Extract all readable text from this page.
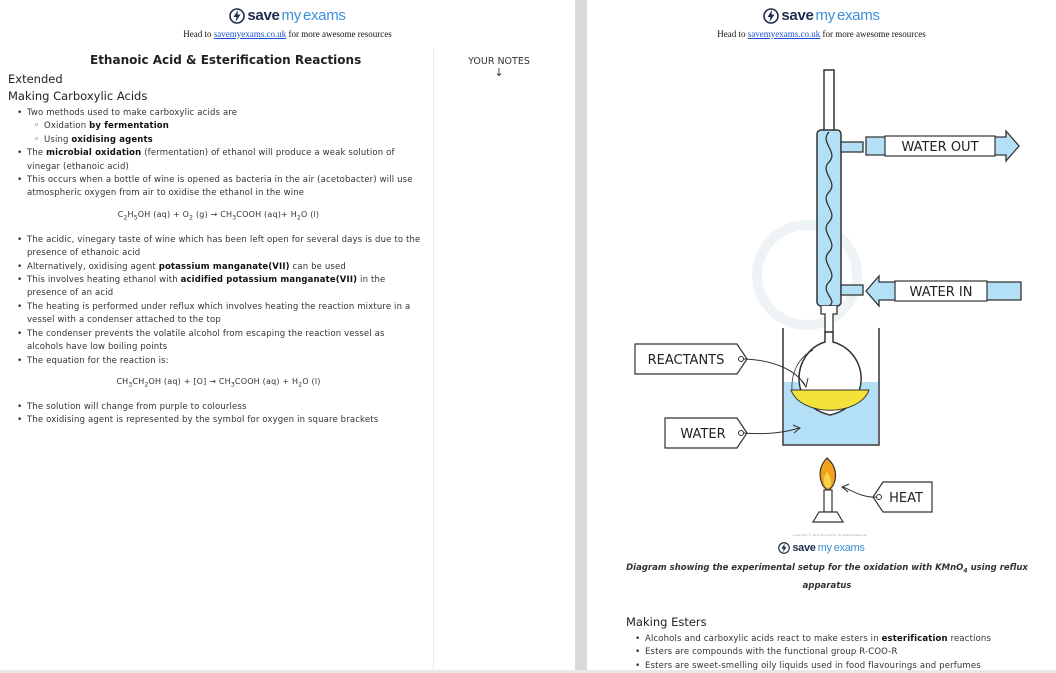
save my exams
Head to savemyexams.co.uk for more awesome resources
Ethanoic Acid & Esterification Reactions
Extended
Making Carboxylic Acids
YOUR NOTES
↓
• Two methods used to make carboxylic acids are
◦ Oxidation by fermentation
◦ Using oxidising agents
• The microbial oxidation (fermentation) of ethanol will produce a weak solution of vinegar (ethanoic acid)
• This occurs when a bottle of wine is opened as bacteria in the air (acetobacter) will use atmospheric oxygen from air to oxidise the ethanol in the wine
$C_2H_5OH$ $(aq) + O_2$ $(g) \to CH_3COOH$ $(aq)+ H_2O$ (l)
• The acidic, vinegary taste of wine which has been left open for several days is due to the presence of ethanoic acid
• Alternatively, oxidising agent potassium manganate(VII) can be used
• This involves heating ethanol with acidified potassium manganate(VII) in the presence of an acid
• The heating is performed under reflux which involves heating the reaction mixture in a vessel with a condenser attached to the top
• The condenser prevents the volatile alcohol from escaping the reaction vessel as alcohols have low boiling points
• The equation for the reaction is:
$CH_3CH_2OH$ $(aq) + [O] \to CH_3COOH$ $(aq) + H_2O$ (l)
• The solution will change from purple to colourless
• The oxidising agent is represented by the symbol for oxygen in square brackets
save my exams
Head to savemyexams.co.uk for more awesome resources
WATER OUT
WATER IN
REACTANTS
WATER
HEAT
Copyright © Save My Exams. All Rights Reserved
save my exams
Diagram showing the experimental setup for the oxidation with KMnO$_4$ using reflux apparatus
Making Esters
• Alcohols and carboxylic acids react to make esters in esterification reactions
• Esters are compounds with the functional group R-COO-R
• Esters are sweet-smelling oily liquids used in food flavourings and perfumes
